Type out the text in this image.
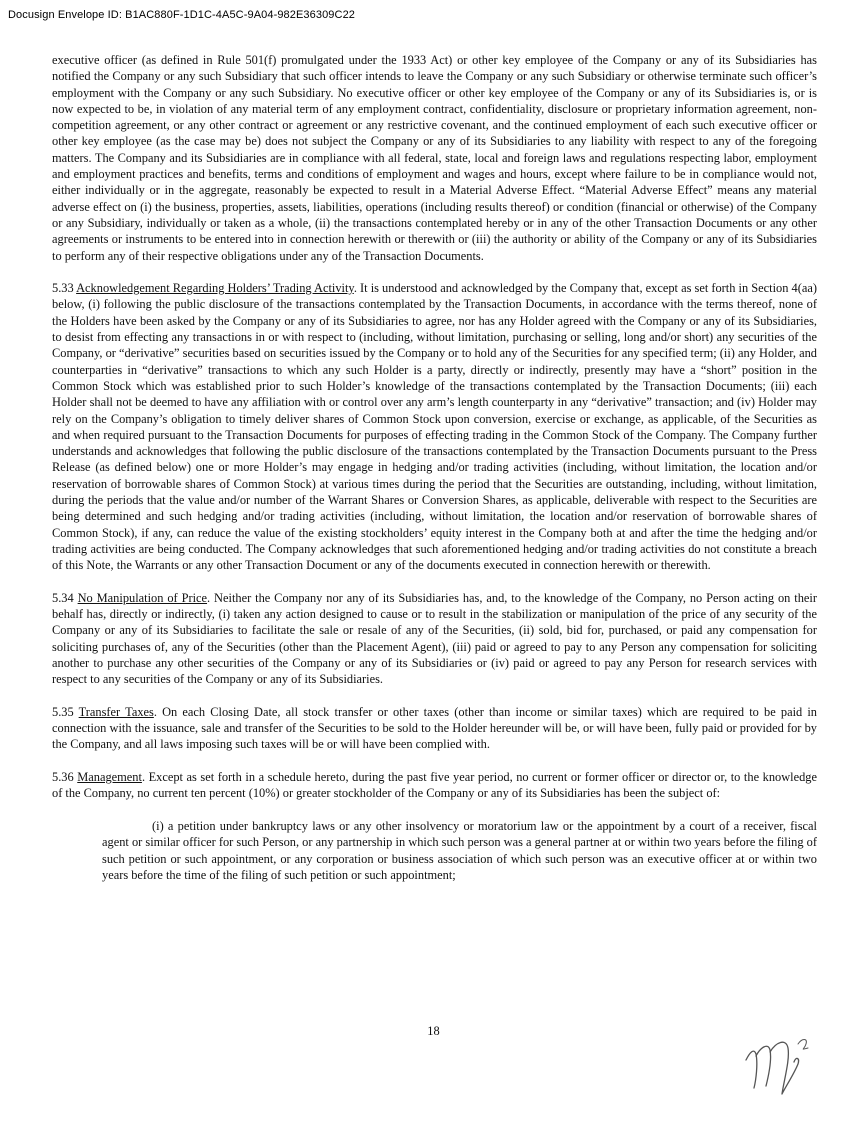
Docusign Envelope ID: B1AC880F-1D1C-4A5C-9A04-982E36309C22

executive officer (as defined in Rule 501(f) promulgated under the 1933 Act) or other key employee of the Company or any of its Subsidiaries has notified the Company or any such Subsidiary that such officer intends to leave the Company or any such Subsidiary or otherwise terminate such officer’s employment with the Company or any such Subsidiary. No executive officer or other key employee of the Company or any of its Subsidiaries is, or is now expected to be, in violation of any material term of any employment contract, confidentiality, disclosure or proprietary information agreement, non-competition agreement, or any other contract or agreement or any restrictive covenant, and the continued employment of each such executive officer or other key employee (as the case may be) does not subject the Company or any of its Subsidiaries to any liability with respect to any of the foregoing matters. The Company and its Subsidiaries are in compliance with all federal, state, local and foreign laws and regulations respecting labor, employment and employment practices and benefits, terms and conditions of employment and wages and hours, except where failure to be in compliance would not, either individually or in the aggregate, reasonably be expected to result in a Material Adverse Effect. “Material Adverse Effect” means any material adverse effect on (i) the business, properties, assets, liabilities, operations (including results thereof) or condition (financial or otherwise) of the Company or any Subsidiary, individually or taken as a whole, (ii) the transactions contemplated hereby or in any of the other Transaction Documents or any other agreements or instruments to be entered into in connection herewith or therewith or (iii) the authority or ability of the Company or any of its Subsidiaries to perform any of their respective obligations under any of the Transaction Documents.

5.33 Acknowledgement Regarding Holders’ Trading Activity. It is understood and acknowledged by the Company that, except as set forth in Section 4(aa) below, (i) following the public disclosure of the transactions contemplated by the Transaction Documents, in accordance with the terms thereof, none of the Holders have been asked by the Company or any of its Subsidiaries to agree, nor has any Holder agreed with the Company or any of its Subsidiaries, to desist from effecting any transactions in or with respect to (including, without limitation, purchasing or selling, long and/or short) any securities of the Company, or “derivative” securities based on securities issued by the Company or to hold any of the Securities for any specified term; (ii) any Holder, and counterparties in “derivative” transactions to which any such Holder is a party, directly or indirectly, presently may have a “short” position in the Common Stock which was established prior to such Holder’s knowledge of the transactions contemplated by the Transaction Documents; (iii) each Holder shall not be deemed to have any affiliation with or control over any arm’s length counterparty in any “derivative” transaction; and (iv) Holder may rely on the Company’s obligation to timely deliver shares of Common Stock upon conversion, exercise or exchange, as applicable, of the Securities as and when required pursuant to the Transaction Documents for purposes of effecting trading in the Common Stock of the Company. The Company further understands and acknowledges that following the public disclosure of the transactions contemplated by the Transaction Documents pursuant to the Press Release (as defined below) one or more Holder’s may engage in hedging and/or trading activities (including, without limitation, the location and/or reservation of borrowable shares of Common Stock) at various times during the period that the Securities are outstanding, including, without limitation, during the periods that the value and/or number of the Warrant Shares or Conversion Shares, as applicable, deliverable with respect to the Securities are being determined and such hedging and/or trading activities (including, without limitation, the location and/or reservation of borrowable shares of Common Stock), if any, can reduce the value of the existing stockholders’ equity interest in the Company both at and after the time the hedging and/or trading activities are being conducted. The Company acknowledges that such aforementioned hedging and/or trading activities do not constitute a breach of this Note, the Warrants or any other Transaction Document or any of the documents executed in connection herewith or therewith.

5.34 No Manipulation of Price. Neither the Company nor any of its Subsidiaries has, and, to the knowledge of the Company, no Person acting on their behalf has, directly or indirectly, (i) taken any action designed to cause or to result in the stabilization or manipulation of the price of any security of the Company or any of its Subsidiaries to facilitate the sale or resale of any of the Securities, (ii) sold, bid for, purchased, or paid any compensation for soliciting purchases of, any of the Securities (other than the Placement Agent), (iii) paid or agreed to pay to any Person any compensation for soliciting another to purchase any other securities of the Company or any of its Subsidiaries or (iv) paid or agreed to pay any Person for research services with respect to any securities of the Company or any of its Subsidiaries.

5.35 Transfer Taxes. On each Closing Date, all stock transfer or other taxes (other than income or similar taxes) which are required to be paid in connection with the issuance, sale and transfer of the Securities to be sold to the Holder hereunder will be, or will have been, fully paid or provided for by the Company, and all laws imposing such taxes will be or will have been complied with.

5.36 Management. Except as set forth in a schedule hereto, during the past five year period, no current or former officer or director or, to the knowledge of the Company, no current ten percent (10%) or greater stockholder of the Company or any of its Subsidiaries has been the subject of:

(i) a petition under bankruptcy laws or any other insolvency or moratorium law or the appointment by a court of a receiver, fiscal agent or similar officer for such Person, or any partnership in which such person was a general partner at or within two years before the filing of such petition or such appointment, or any corporation or business association of which such person was an executive officer at or within two years before the time of the filing of such petition or such appointment;

18
